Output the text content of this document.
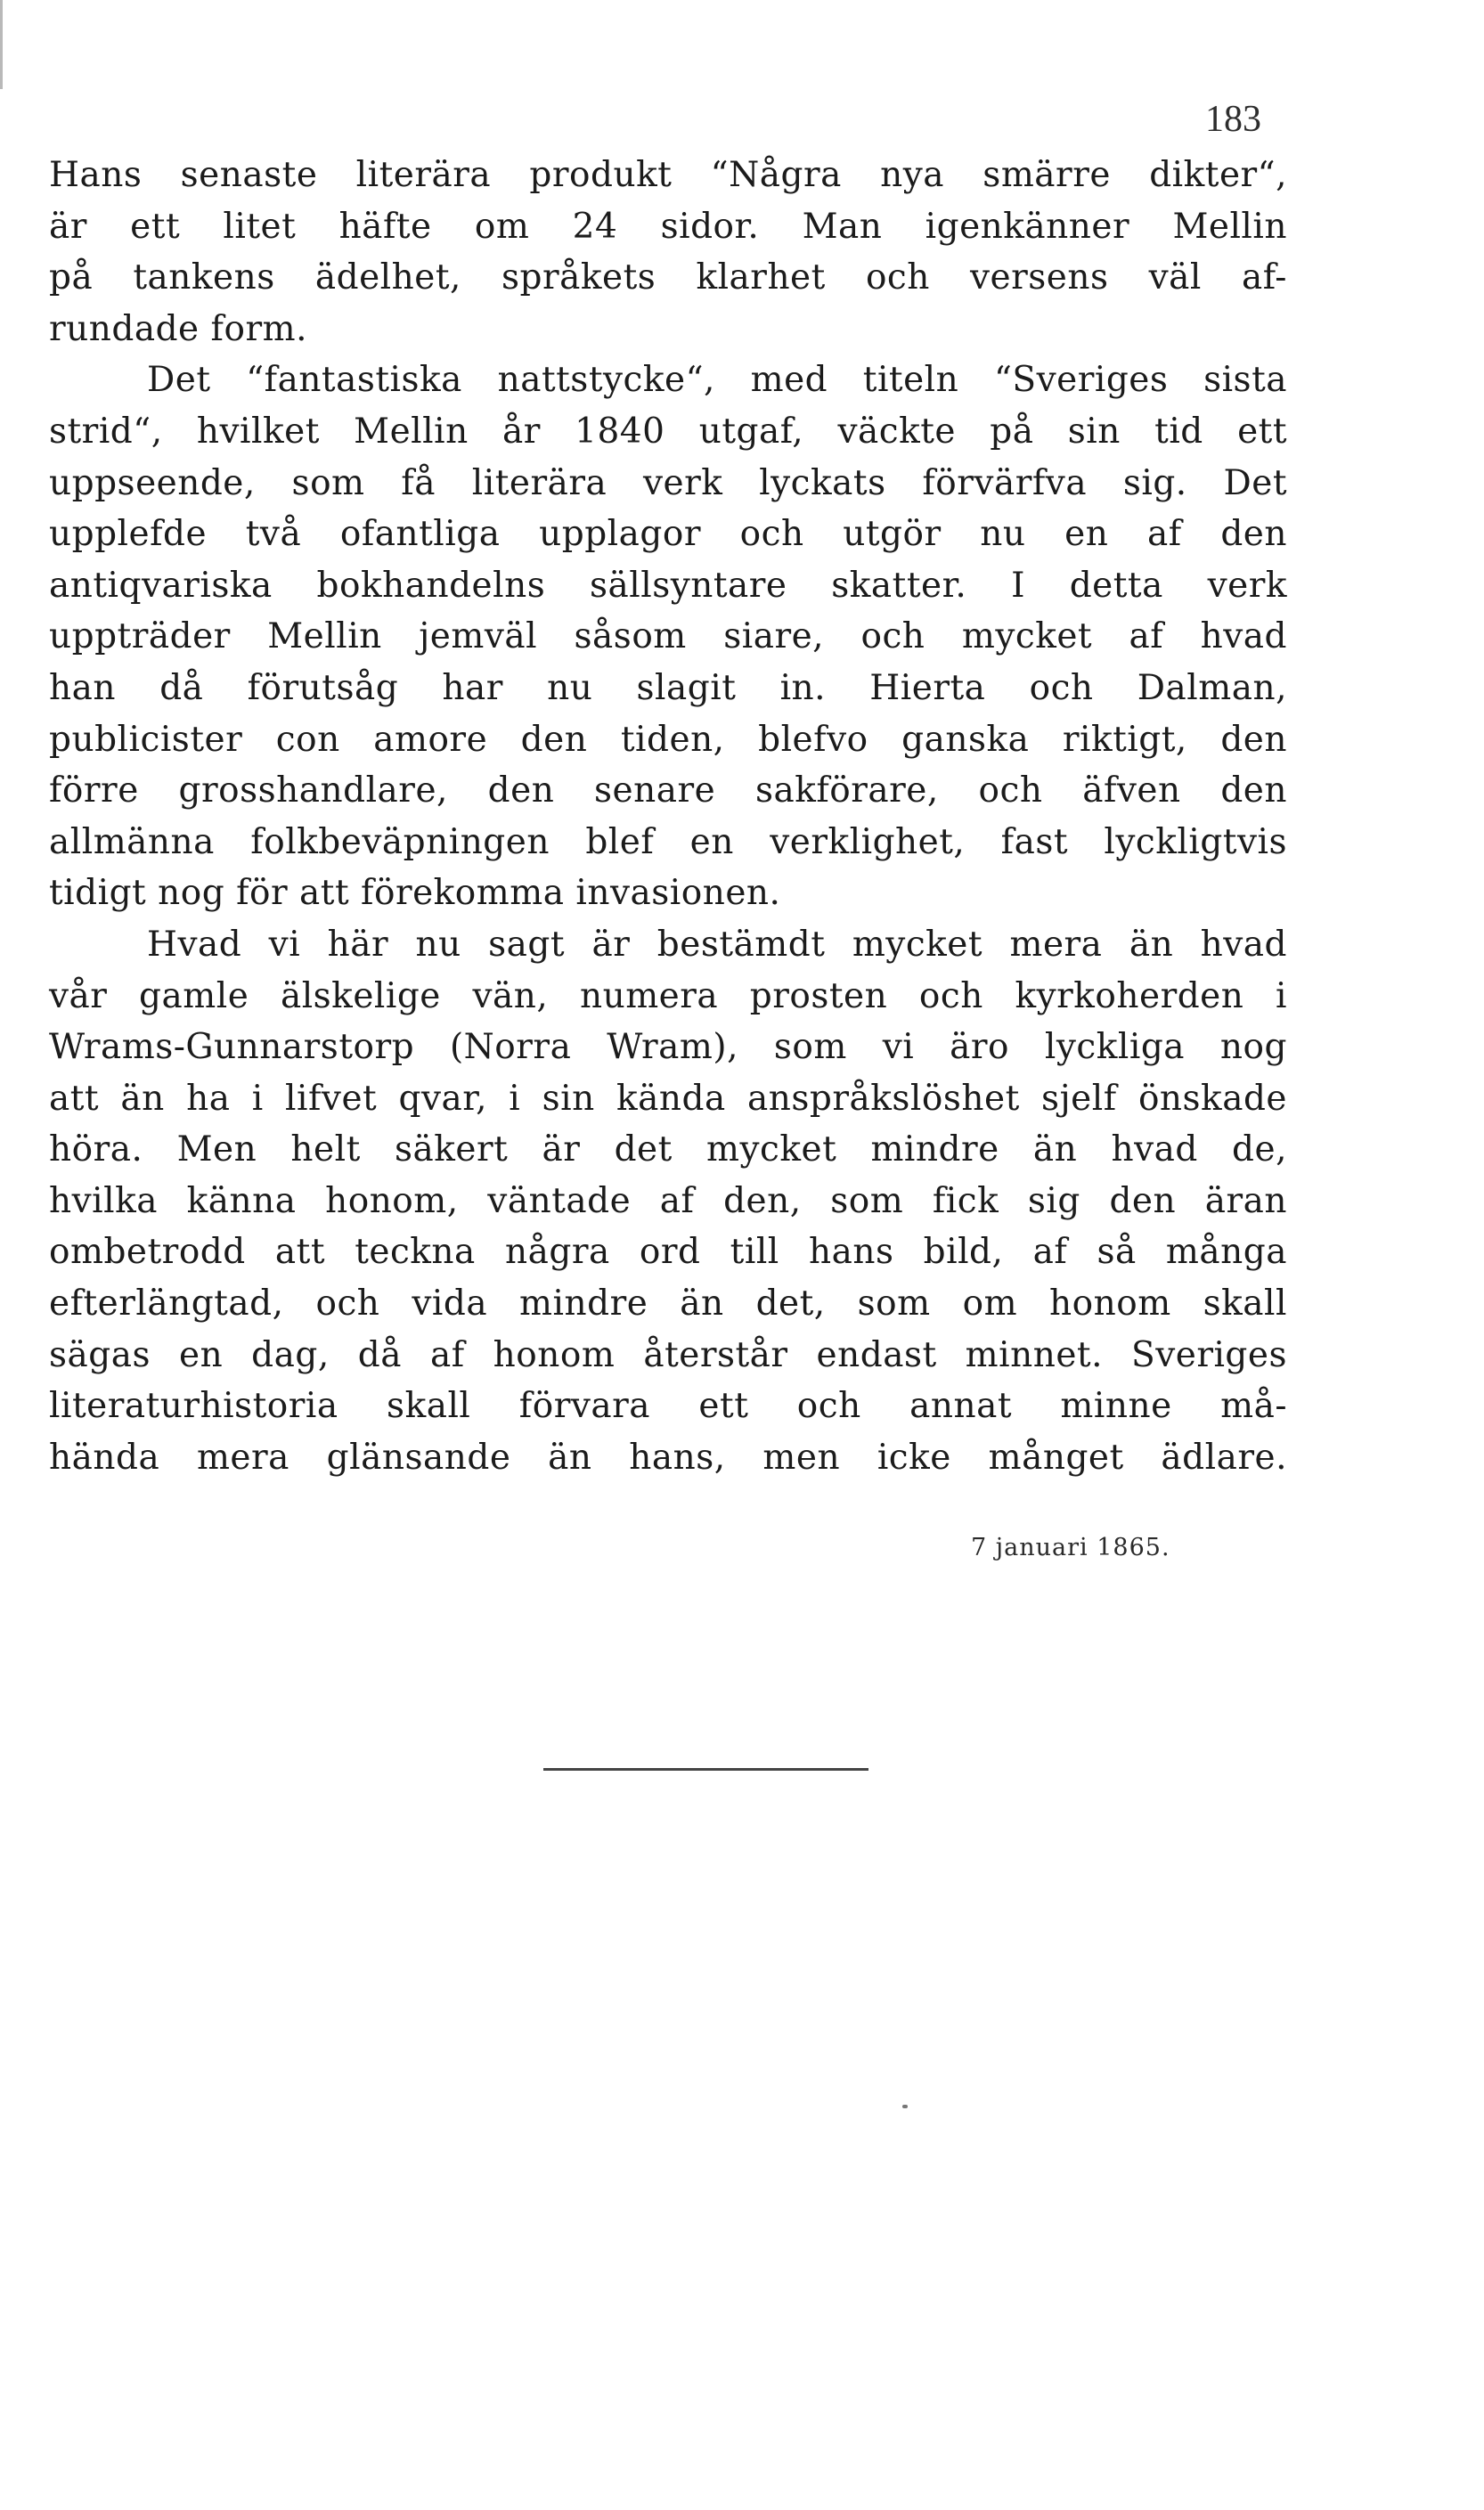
183
Hans senaste literära produkt “Några nya smärre dikter“,
är ett litet häfte om 24 sidor. Man igenkänner Mellin
på tankens ädelhet, språkets klarhet och versens väl af-
rundade form.
Det “fantastiska nattstycke“, med titeln “Sveriges sista
strid“, hvilket Mellin år 1840 utgaf, väckte på sin tid ett
uppseende, som få literära verk lyckats förvärfva sig. Det
upplefde två ofantliga upplagor och utgör nu en af den
antiqvariska bokhandelns sällsyntare skatter. I detta verk
uppträder Mellin jemväl såsom siare, och mycket af hvad
han då förutsåg har nu slagit in. Hierta och Dalman,
publicister con amore den tiden, blefvo ganska riktigt, den
förre grosshandlare, den senare sakförare, och äfven den
allmänna folkbeväpningen blef en verklighet, fast lyckligtvis
tidigt nog för att förekomma invasionen.
Hvad vi här nu sagt är bestämdt mycket mera än hvad
vår gamle älskelige vän, numera prosten och kyrkoherden i
Wrams-Gunnarstorp (Norra Wram), som vi äro lyckliga nog
att än ha i lifvet qvar, i sin kända anspråkslöshet sjelf önskade
höra. Men helt säkert är det mycket mindre än hvad de,
hvilka känna honom, väntade af den, som fick sig den äran
ombetrodd att teckna några ord till hans bild, af så många
efterlängtad, och vida mindre än det, som om honom skall
sägas en dag, då af honom återstår endast minnet. Sveriges
literaturhistoria skall förvara ett och annat minne må-
hända mera glänsande än hans, men icke månget ädlare.
7 januari 1865.
